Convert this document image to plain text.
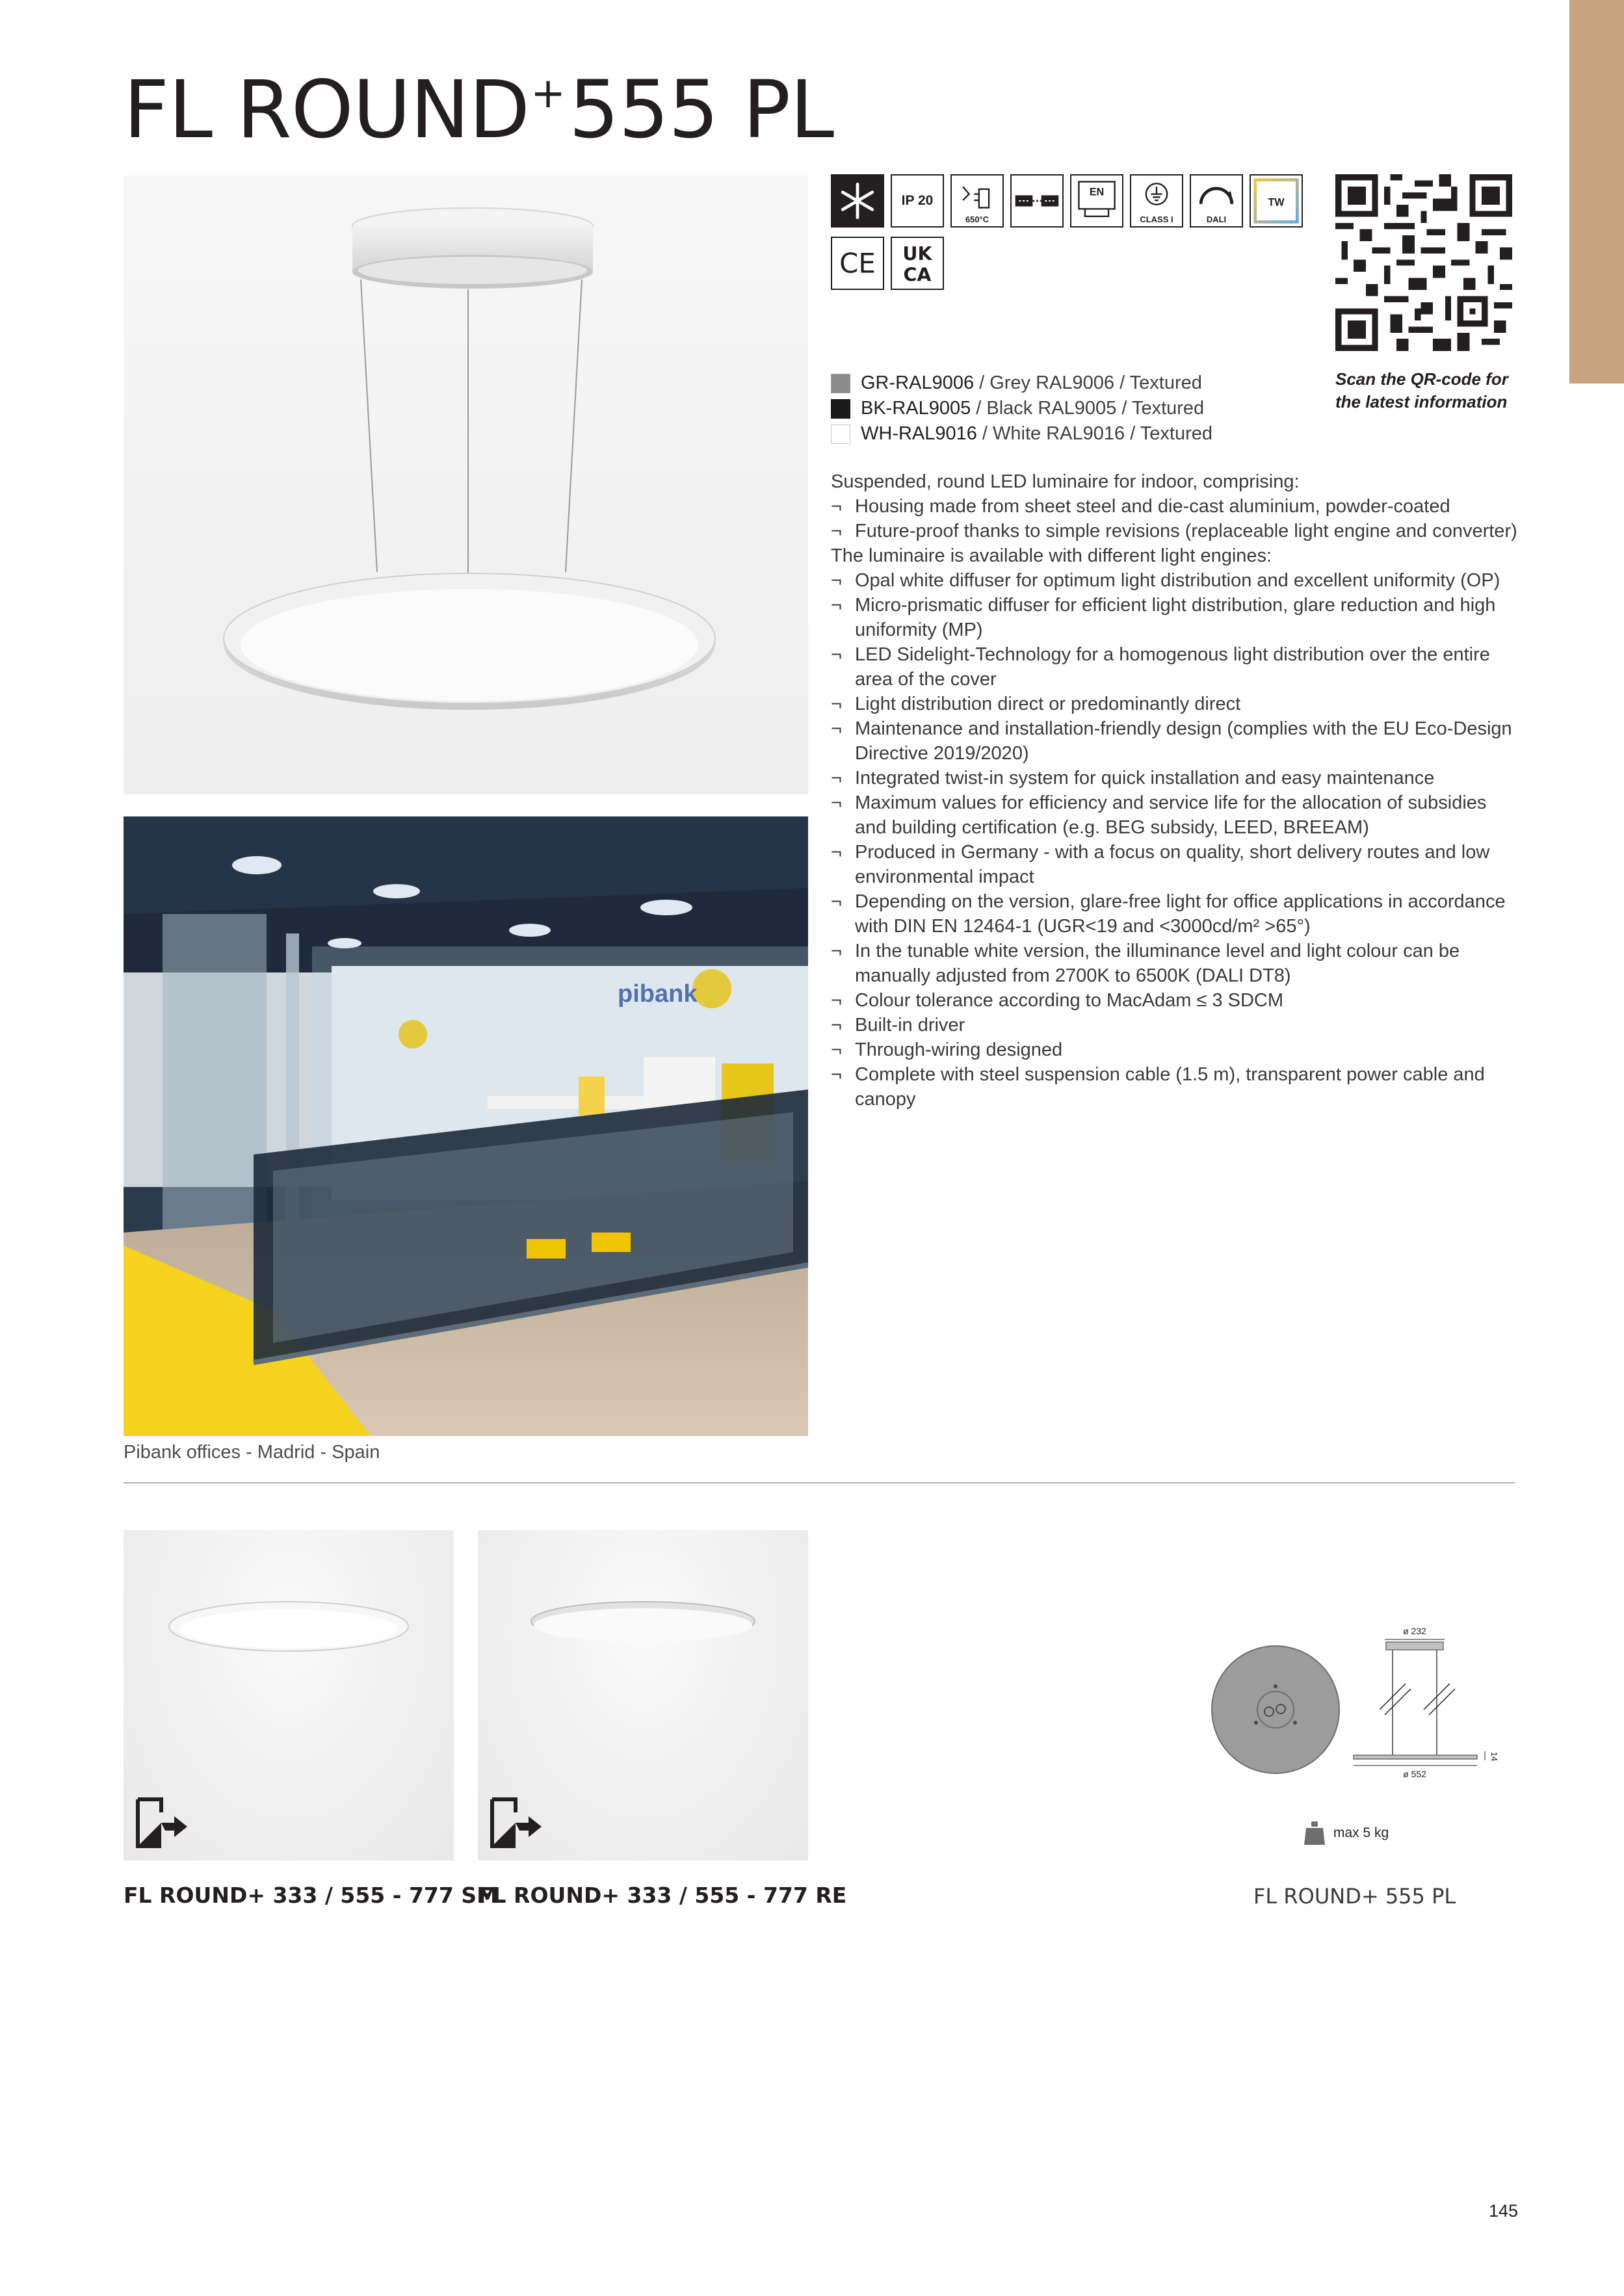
FL ROUND+555 PL
pibank
Pibank offices - Madrid - Spain
IP 20
650°C
EN
CLASS I	DALI
TW
CE UK
CA
Scan the QR-code for
the latest information
GR-RAL9006 / Grey RAL9006 / Textured
BK-RAL9005 / Black RAL9005 / Textured
WH-RAL9016 / White RAL9016 / Textured
Suspended, round LED luminaire for indoor, comprising:
¬ Housing made from sheet steel and die-cast aluminium, powder-coated
¬ Future-proof thanks to simple revisions (replaceable light engine and converter)
The luminaire is available with different light engines:
¬ Opal white diffuser for optimum light distribution and excellent uniformity (OP)
¬ Micro-prismatic diffuser for efficient light distribution, glare reduction and high uniformity (MP)
¬ LED Sidelight-Technology for a homogenous light distribution over the entire area of the cover
¬ Light distribution direct or predominantly direct
¬ Maintenance and installation-friendly design (complies with the EU Eco-Design Directive 2019/2020)
¬ Integrated twist-in system for quick installation and easy maintenance
¬ Maximum values for efficiency and service life for the allocation of subsidies and building certification (e.g. BEG subsidy, LEED, BREEAM)
¬ Produced in Germany - with a focus on quality, short delivery routes and low environmental impact
¬ Depending on the version, glare-free light for office applications in accordance with DIN EN 12464-1 (UGR<19 and <3000cd/m² >65°)
¬ In the tunable white version, the illuminance level and light colour can be manually adjusted from 2700K to 6500K (DALI DT8)
¬ Colour tolerance according to MacAdam ≤ 3 SDCM
¬ Built-in driver
¬ Through-wiring designed
¬ Complete with steel suspension cable (1.5 m), transparent power cable and canopy
FL ROUND+ 333 / 555 - 777 SM
FL ROUND+ 333 / 555 - 777 RE
ø 232
ø 552
14
max 5 kg
FL ROUND+ 555 PL
145
